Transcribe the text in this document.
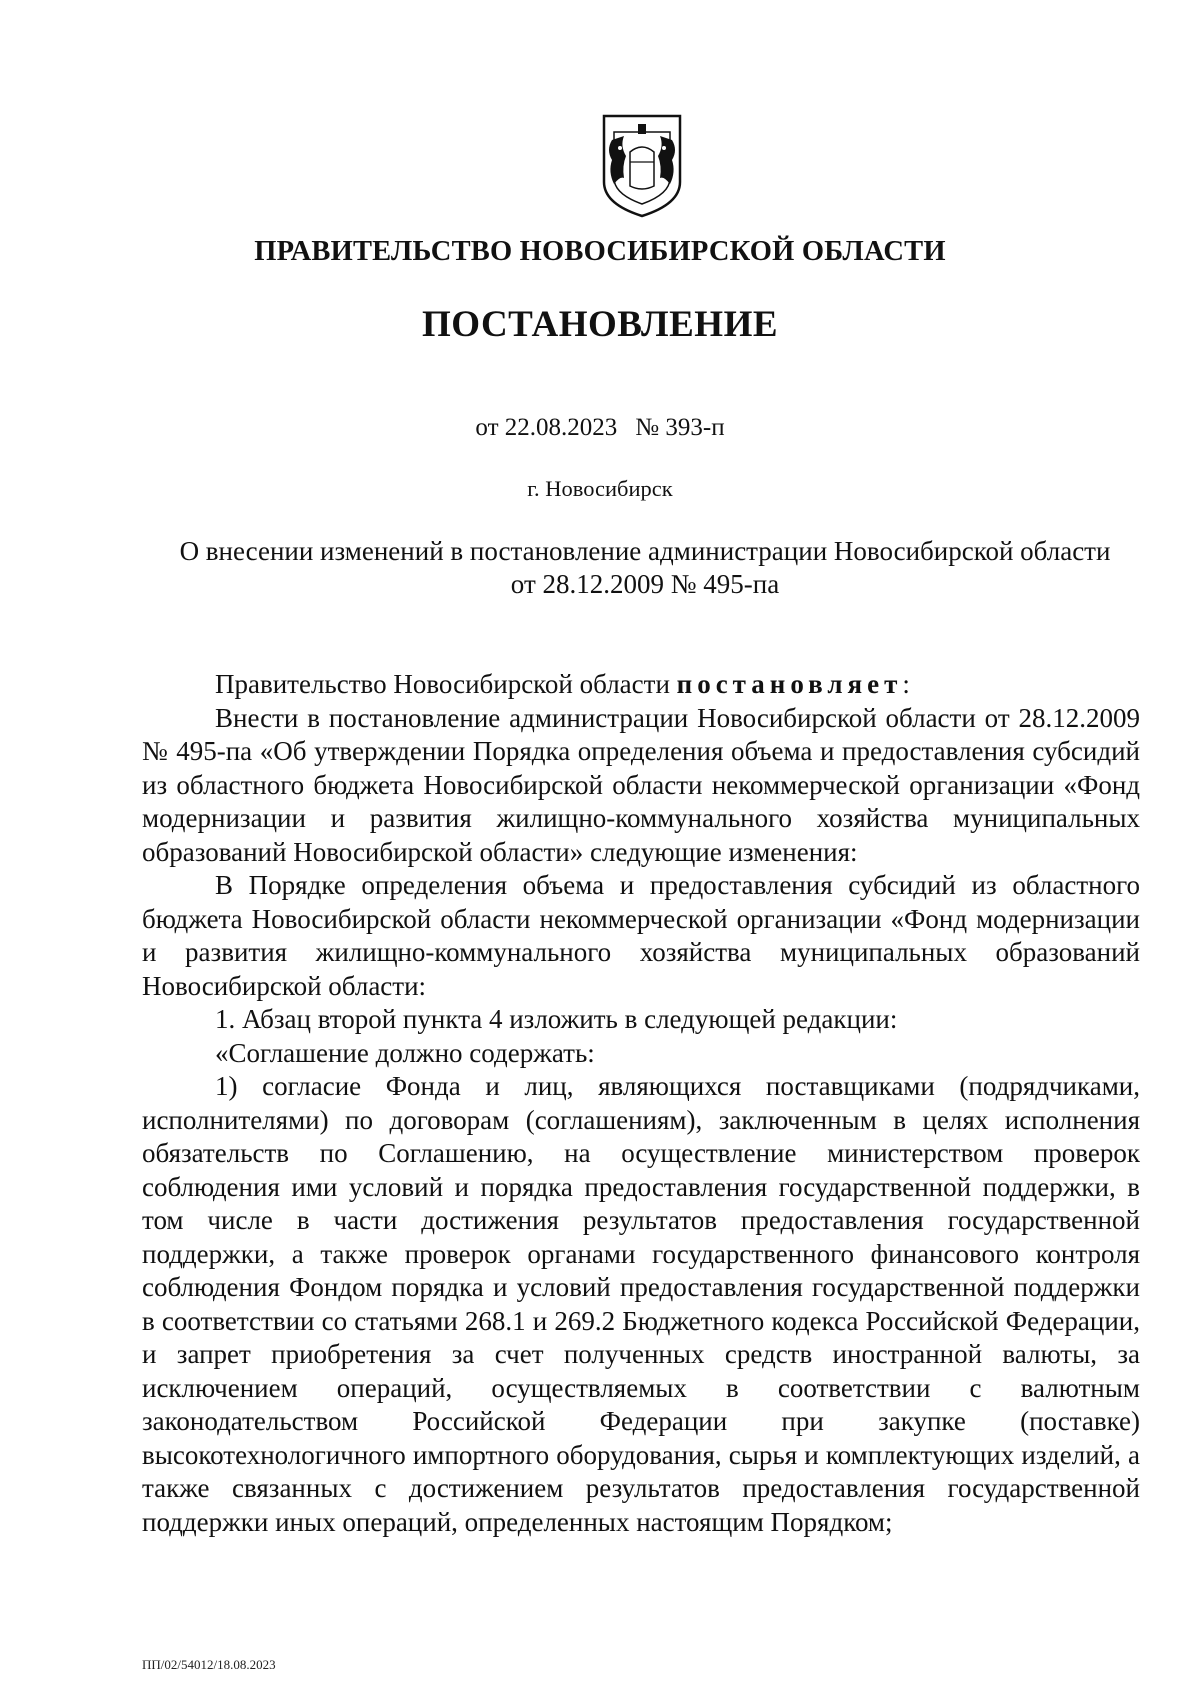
ПРАВИТЕЛЬСТВО НОВОСИБИРСКОЙ ОБЛАСТИ
ПОСТАНОВЛЕНИЕ
от 22.08.2023 № 393-п
г. Новосибирск
О внесении изменений в постановление администрации Новосибирской области
от 28.12.2009 № 495-па

Правительство Новосибирской области постановляет:

Внести в постановление администрации Новосибирской области от 28.12.2009 № 495-па «Об утверждении Порядка определения объема и предоставления субсидий из областного бюджета Новосибирской области некоммерческой организации «Фонд модернизации и развития жилищно-коммунального хозяйства муниципальных образований Новосибирской области» следующие изменения:

В Порядке определения объема и предоставления субсидий из областного бюджета Новосибирской области некоммерческой организации «Фонд модернизации и развития жилищно-коммунального хозяйства муниципальных образований Новосибирской области:

1. Абзац второй пункта 4 изложить в следующей редакции:

«Соглашение должно содержать:

1) согласие Фонда и лиц, являющихся поставщиками (подрядчиками, исполнителями) по договорам (соглашениям), заключенным в целях исполнения обязательств по Соглашению, на осуществление министерством проверок соблюдения ими условий и порядка предоставления государственной поддержки, в том числе в части достижения результатов предоставления государственной поддержки, а также проверок органами государственного финансового контроля соблюдения Фондом порядка и условий предоставления государственной поддержки в соответствии со статьями 268.1 и 269.2 Бюджетного кодекса Российской Федерации, и запрет приобретения за счет полученных средств иностранной валюты, за исключением операций, осуществляемых в соответствии с валютным законодательством Российской Федерации при закупке (поставке) высокотехнологичного импортного оборудования, сырья и комплектующих изделий, а также связанных с достижением результатов предоставления государственной поддержки иных операций, определенных настоящим Порядком;

ПП/02/54012/18.08.2023
